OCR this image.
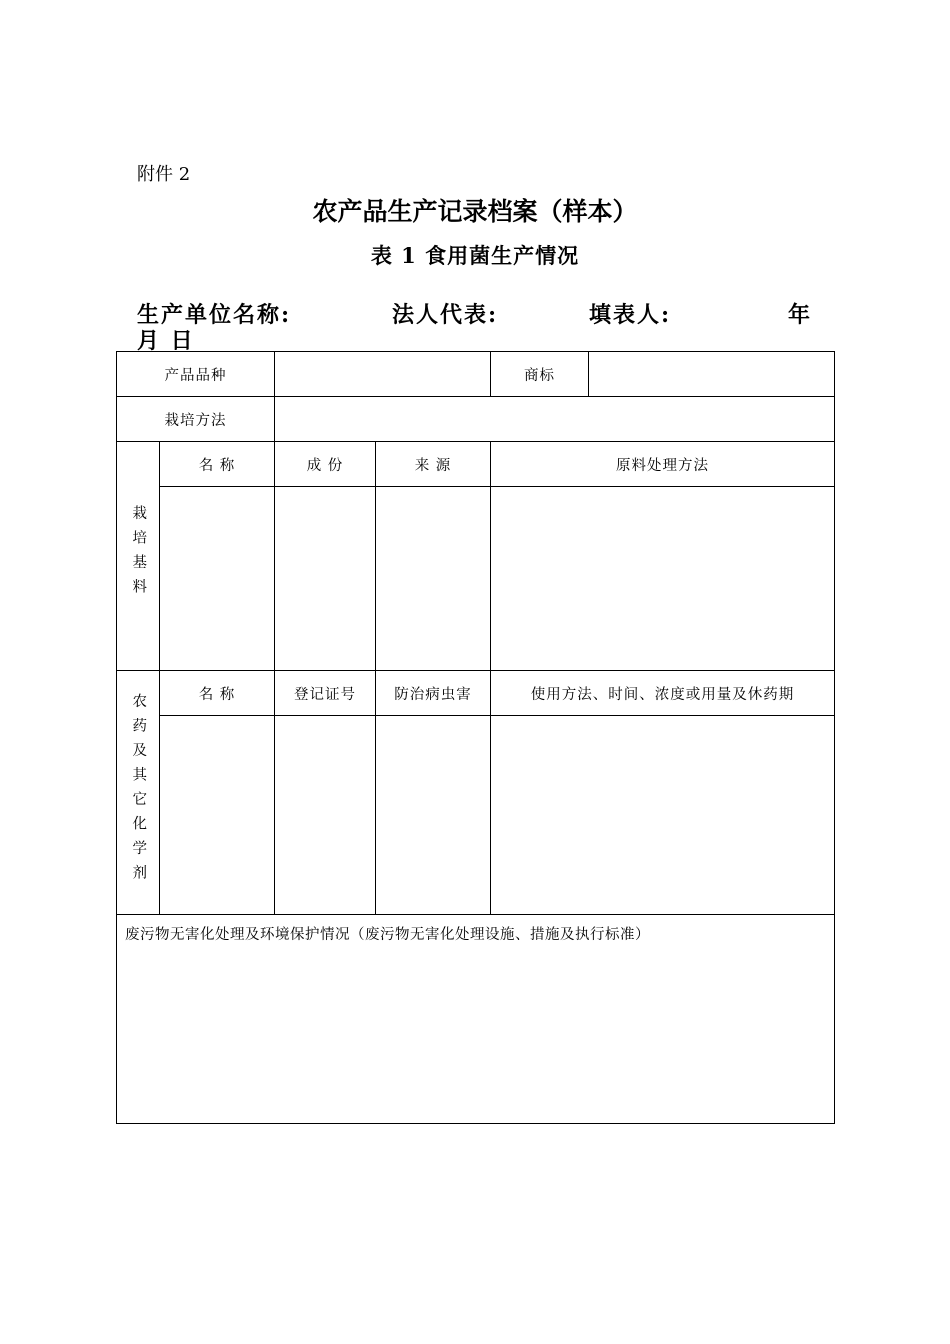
附件 2
农产品生产记录档案（样本）
表 1 食用菌生产情况
生产单位名称:	法人代表:	填表人:	年
月 日
产品品种				商标	
栽培方法					
栽培基料	名 称	成 份	来 源	原料处理方法	

农药及其它化学剂	名 称	登记证号	防治病虫害	使用方法、时间、浓度或用量及休药期	

废污物无害化处理及环境保护情况（废污物无害化处理设施、措施及执行标准）					
